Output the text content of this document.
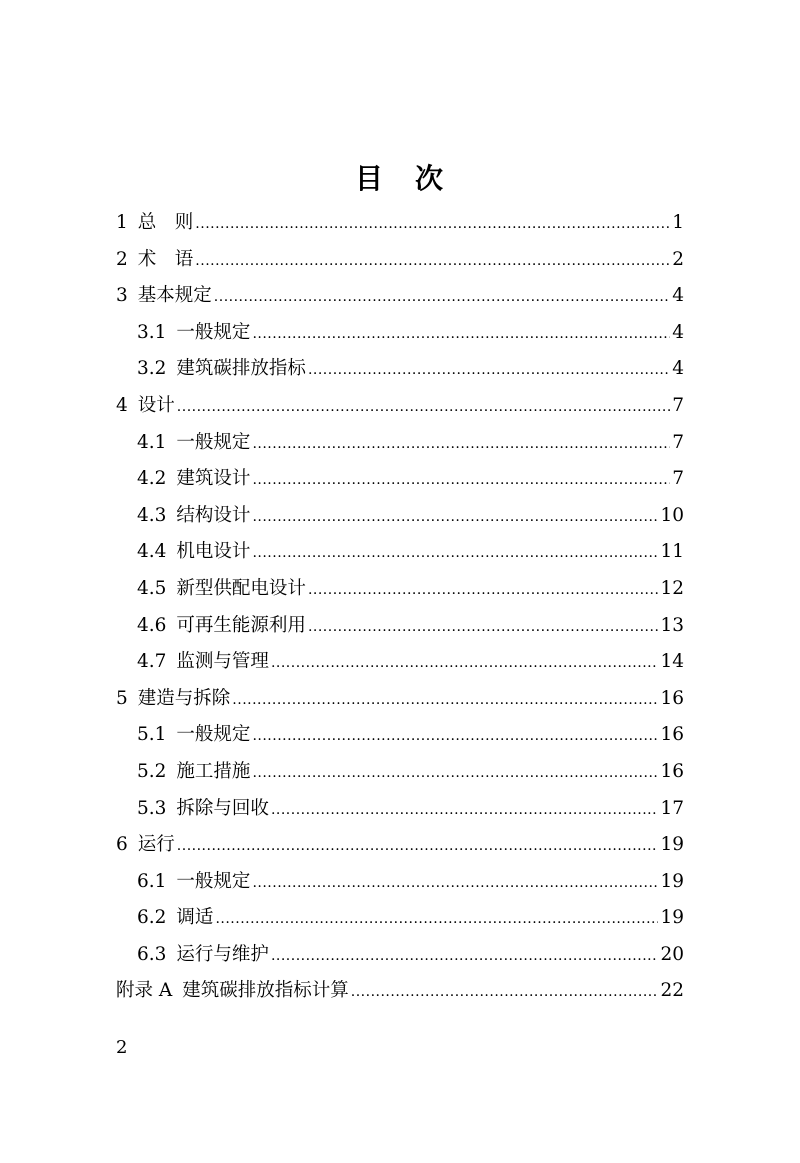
目　次
1 总　则 .....	1
2 术　语 .....	2
3 基本规定 .....	4
3.1 一般规定 .....	4
3.2 建筑碳排放指标 .....	4
4 设计 .....	7
4.1 一般规定 .....	7
4.2 建筑设计 .....	7
4.3 结构设计 .....	10
4.4 机电设计 .....	11
4.5 新型供配电设计 .....	12
4.6 可再生能源利用 .....	13
4.7 监测与管理 .....	14
5 建造与拆除 .....	16
5.1 一般规定 .....	16
5.2 施工措施 .....	16
5.3 拆除与回收 .....	17
6 运行 .....	19
6.1 一般规定 .....	19
6.2 调适 .....	19
6.3 运行与维护 .....	20
附录 A 建筑碳排放指标计算 .....	22
2
